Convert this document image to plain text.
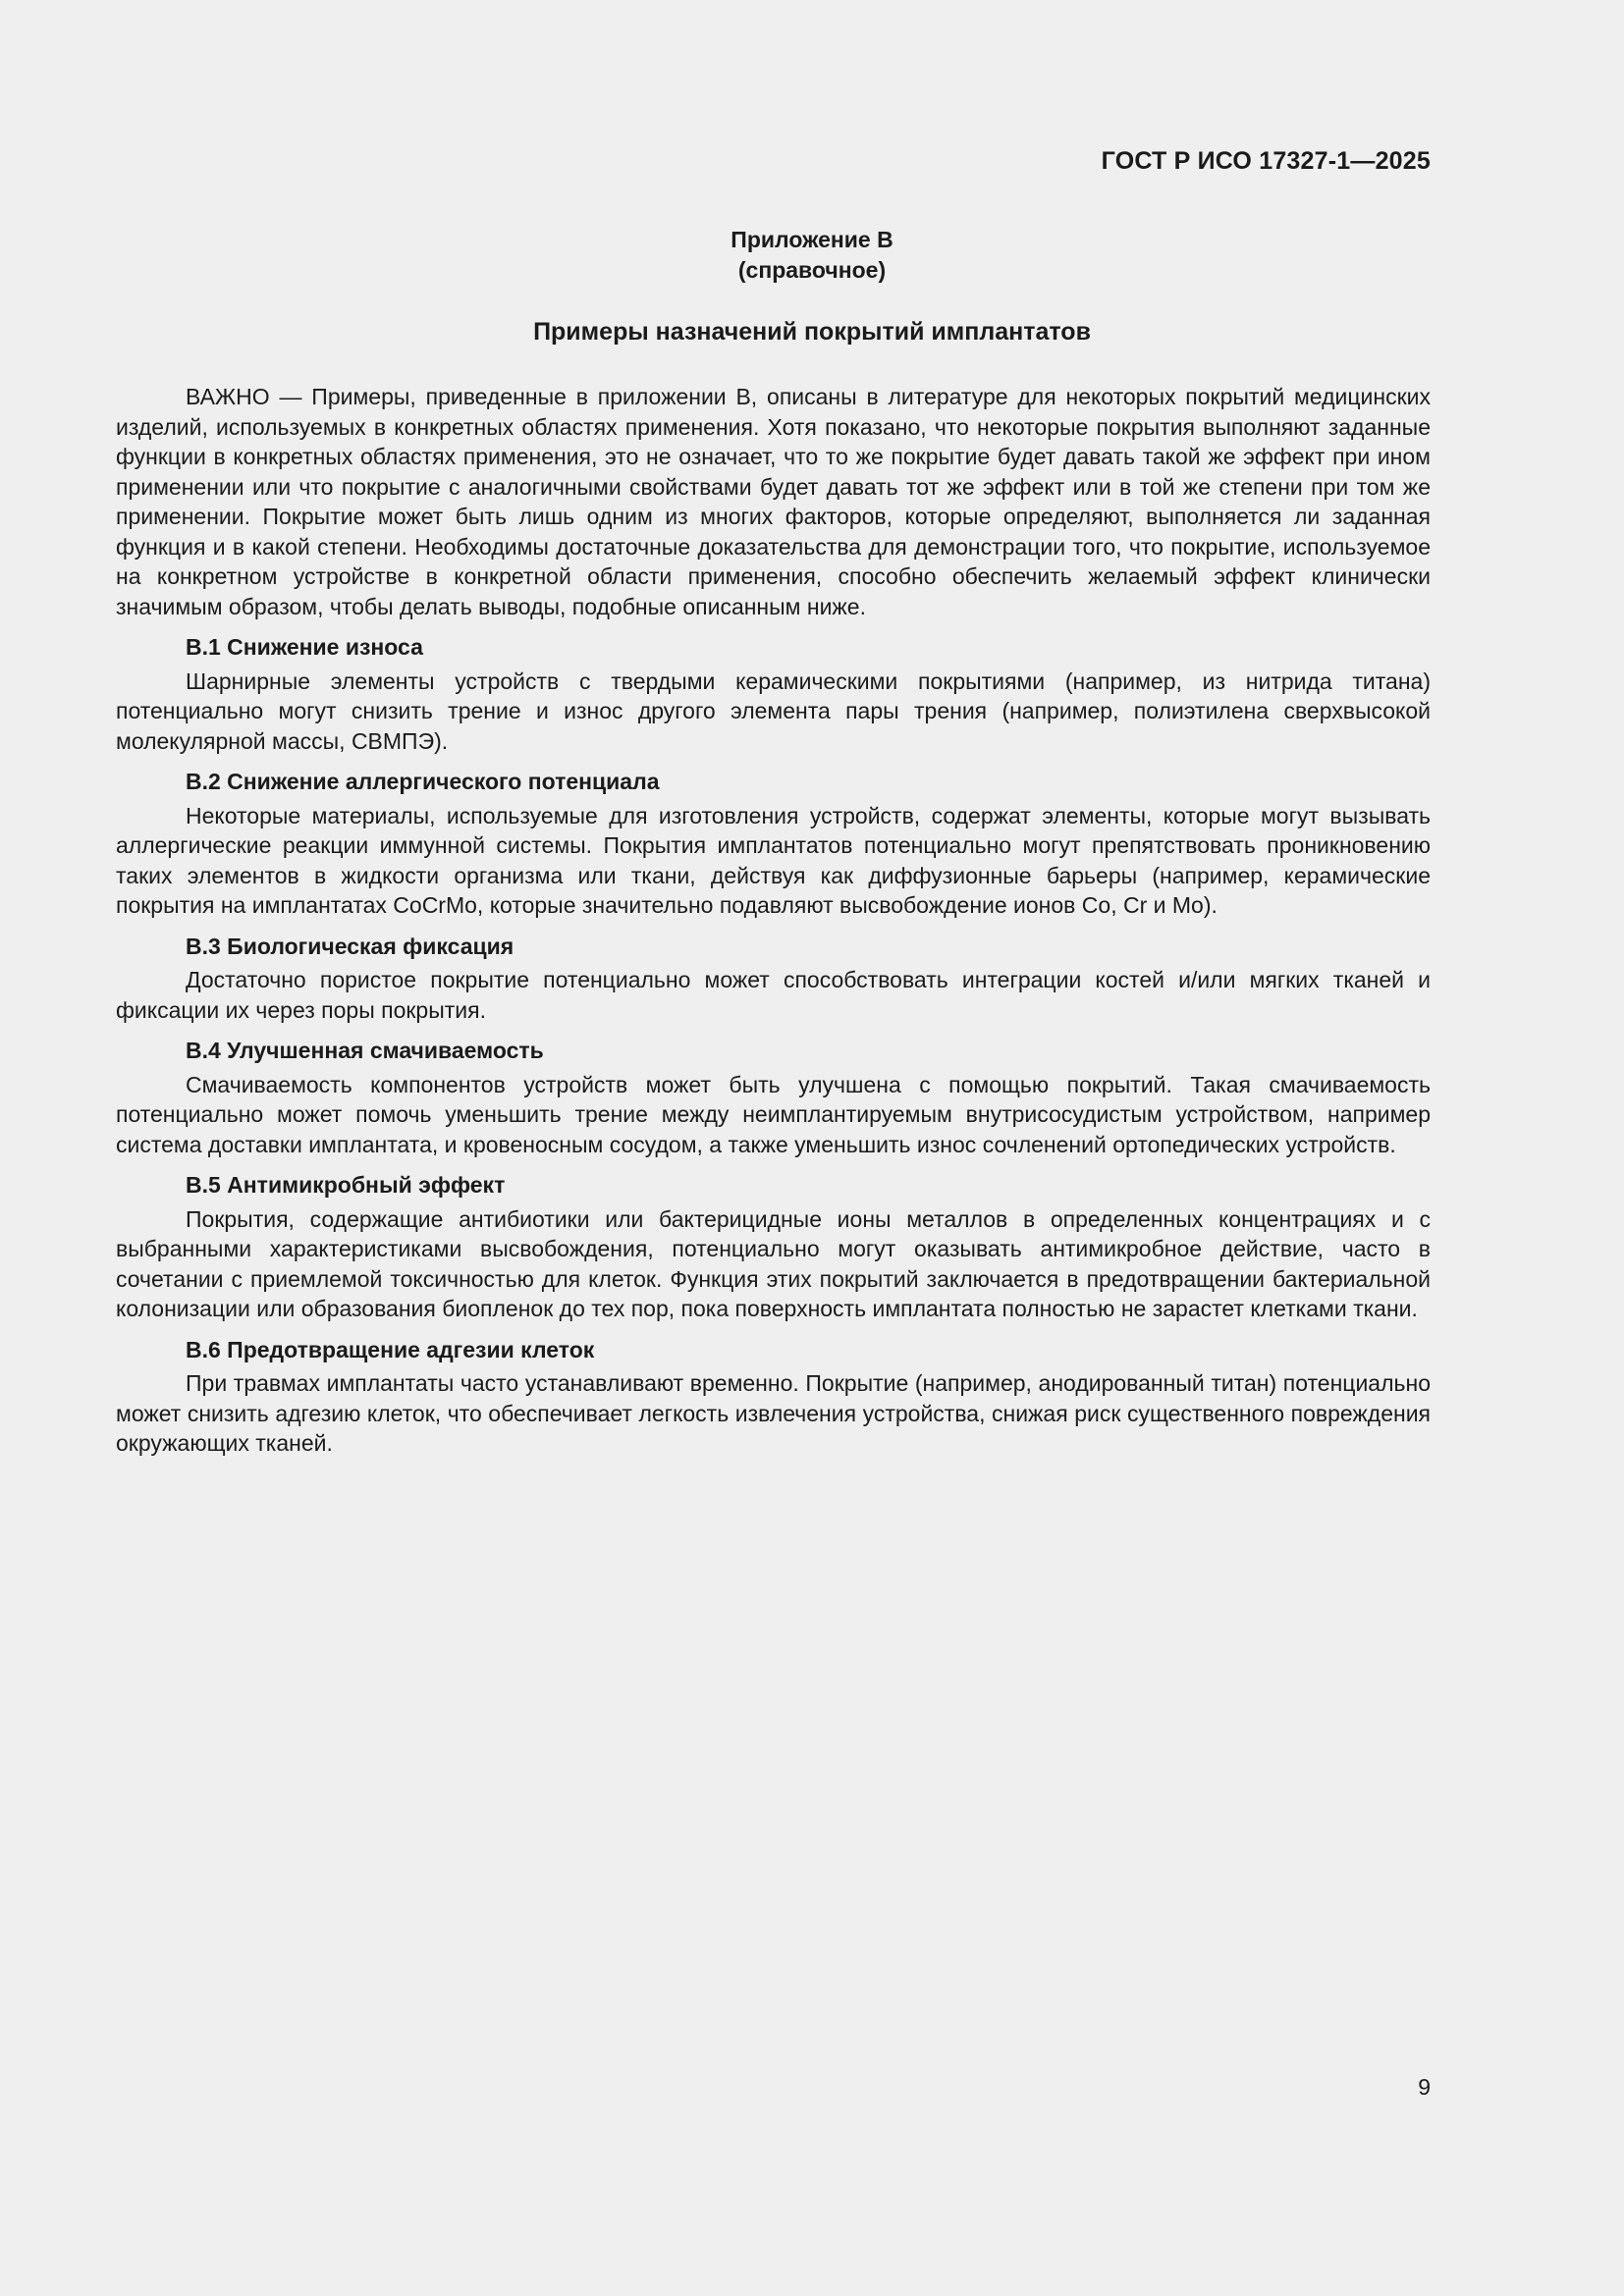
ГОСТ Р ИСО 17327-1—2025
Приложение В
(справочное)
Примеры назначений покрытий имплантатов

ВАЖНО — Примеры, приведенные в приложении В, описаны в литературе для некоторых покрытий медицинских изделий, используемых в конкретных областях применения. Хотя показано, что некоторые покрытия выполняют заданные функции в конкретных областях применения, это не означает, что то же покрытие будет давать такой же эффект при ином применении или что покрытие с аналогичными свойствами будет давать тот же эффект или в той же степени при том же применении. Покрытие может быть лишь одним из многих факторов, которые определяют, выполняется ли заданная функция и в какой степени. Необходимы достаточные доказательства для демонстрации того, что покрытие, используемое на конкретном устройстве в конкретной области применения, способно обеспечить желаемый эффект клинически значимым образом, чтобы делать выводы, подобные описанным ниже.

В.1 Снижение износа

Шарнирные элементы устройств с твердыми керамическими покрытиями (например, из нитрида титана) потенциально могут снизить трение и износ другого элемента пары трения (например, полиэтилена сверхвысокой молекулярной массы, СВМПЭ).

В.2 Снижение аллергического потенциала

Некоторые материалы, используемые для изготовления устройств, содержат элементы, которые могут вызывать аллергические реакции иммунной системы. Покрытия имплантатов потенциально могут препятствовать проникновению таких элементов в жидкости организма или ткани, действуя как диффузионные барьеры (например, керамические покрытия на имплантатах CoCrMo, которые значительно подавляют высвобождение ионов Co, Cr и Mo).

В.3 Биологическая фиксация

Достаточно пористое покрытие потенциально может способствовать интеграции костей и/или мягких тканей и фиксации их через поры покрытия.

В.4 Улучшенная смачиваемость

Смачиваемость компонентов устройств может быть улучшена с помощью покрытий. Такая смачиваемость потенциально может помочь уменьшить трение между неимплантируемым внутрисосудистым устройством, например система доставки имплантата, и кровеносным сосудом, а также уменьшить износ сочленений ортопедических устройств.

В.5 Антимикробный эффект

Покрытия, содержащие антибиотики или бактерицидные ионы металлов в определенных концентрациях и с выбранными характеристиками высвобождения, потенциально могут оказывать антимикробное действие, часто в сочетании с приемлемой токсичностью для клеток. Функция этих покрытий заключается в предотвращении бактериальной колонизации или образования биопленок до тех пор, пока поверхность имплантата полностью не зарастет клетками ткани.

В.6 Предотвращение адгезии клеток

При травмах имплантаты часто устанавливают временно. Покрытие (например, анодированный титан) потенциально может снизить адгезию клеток, что обеспечивает легкость извлечения устройства, снижая риск существенного повреждения окружающих тканей.

9
